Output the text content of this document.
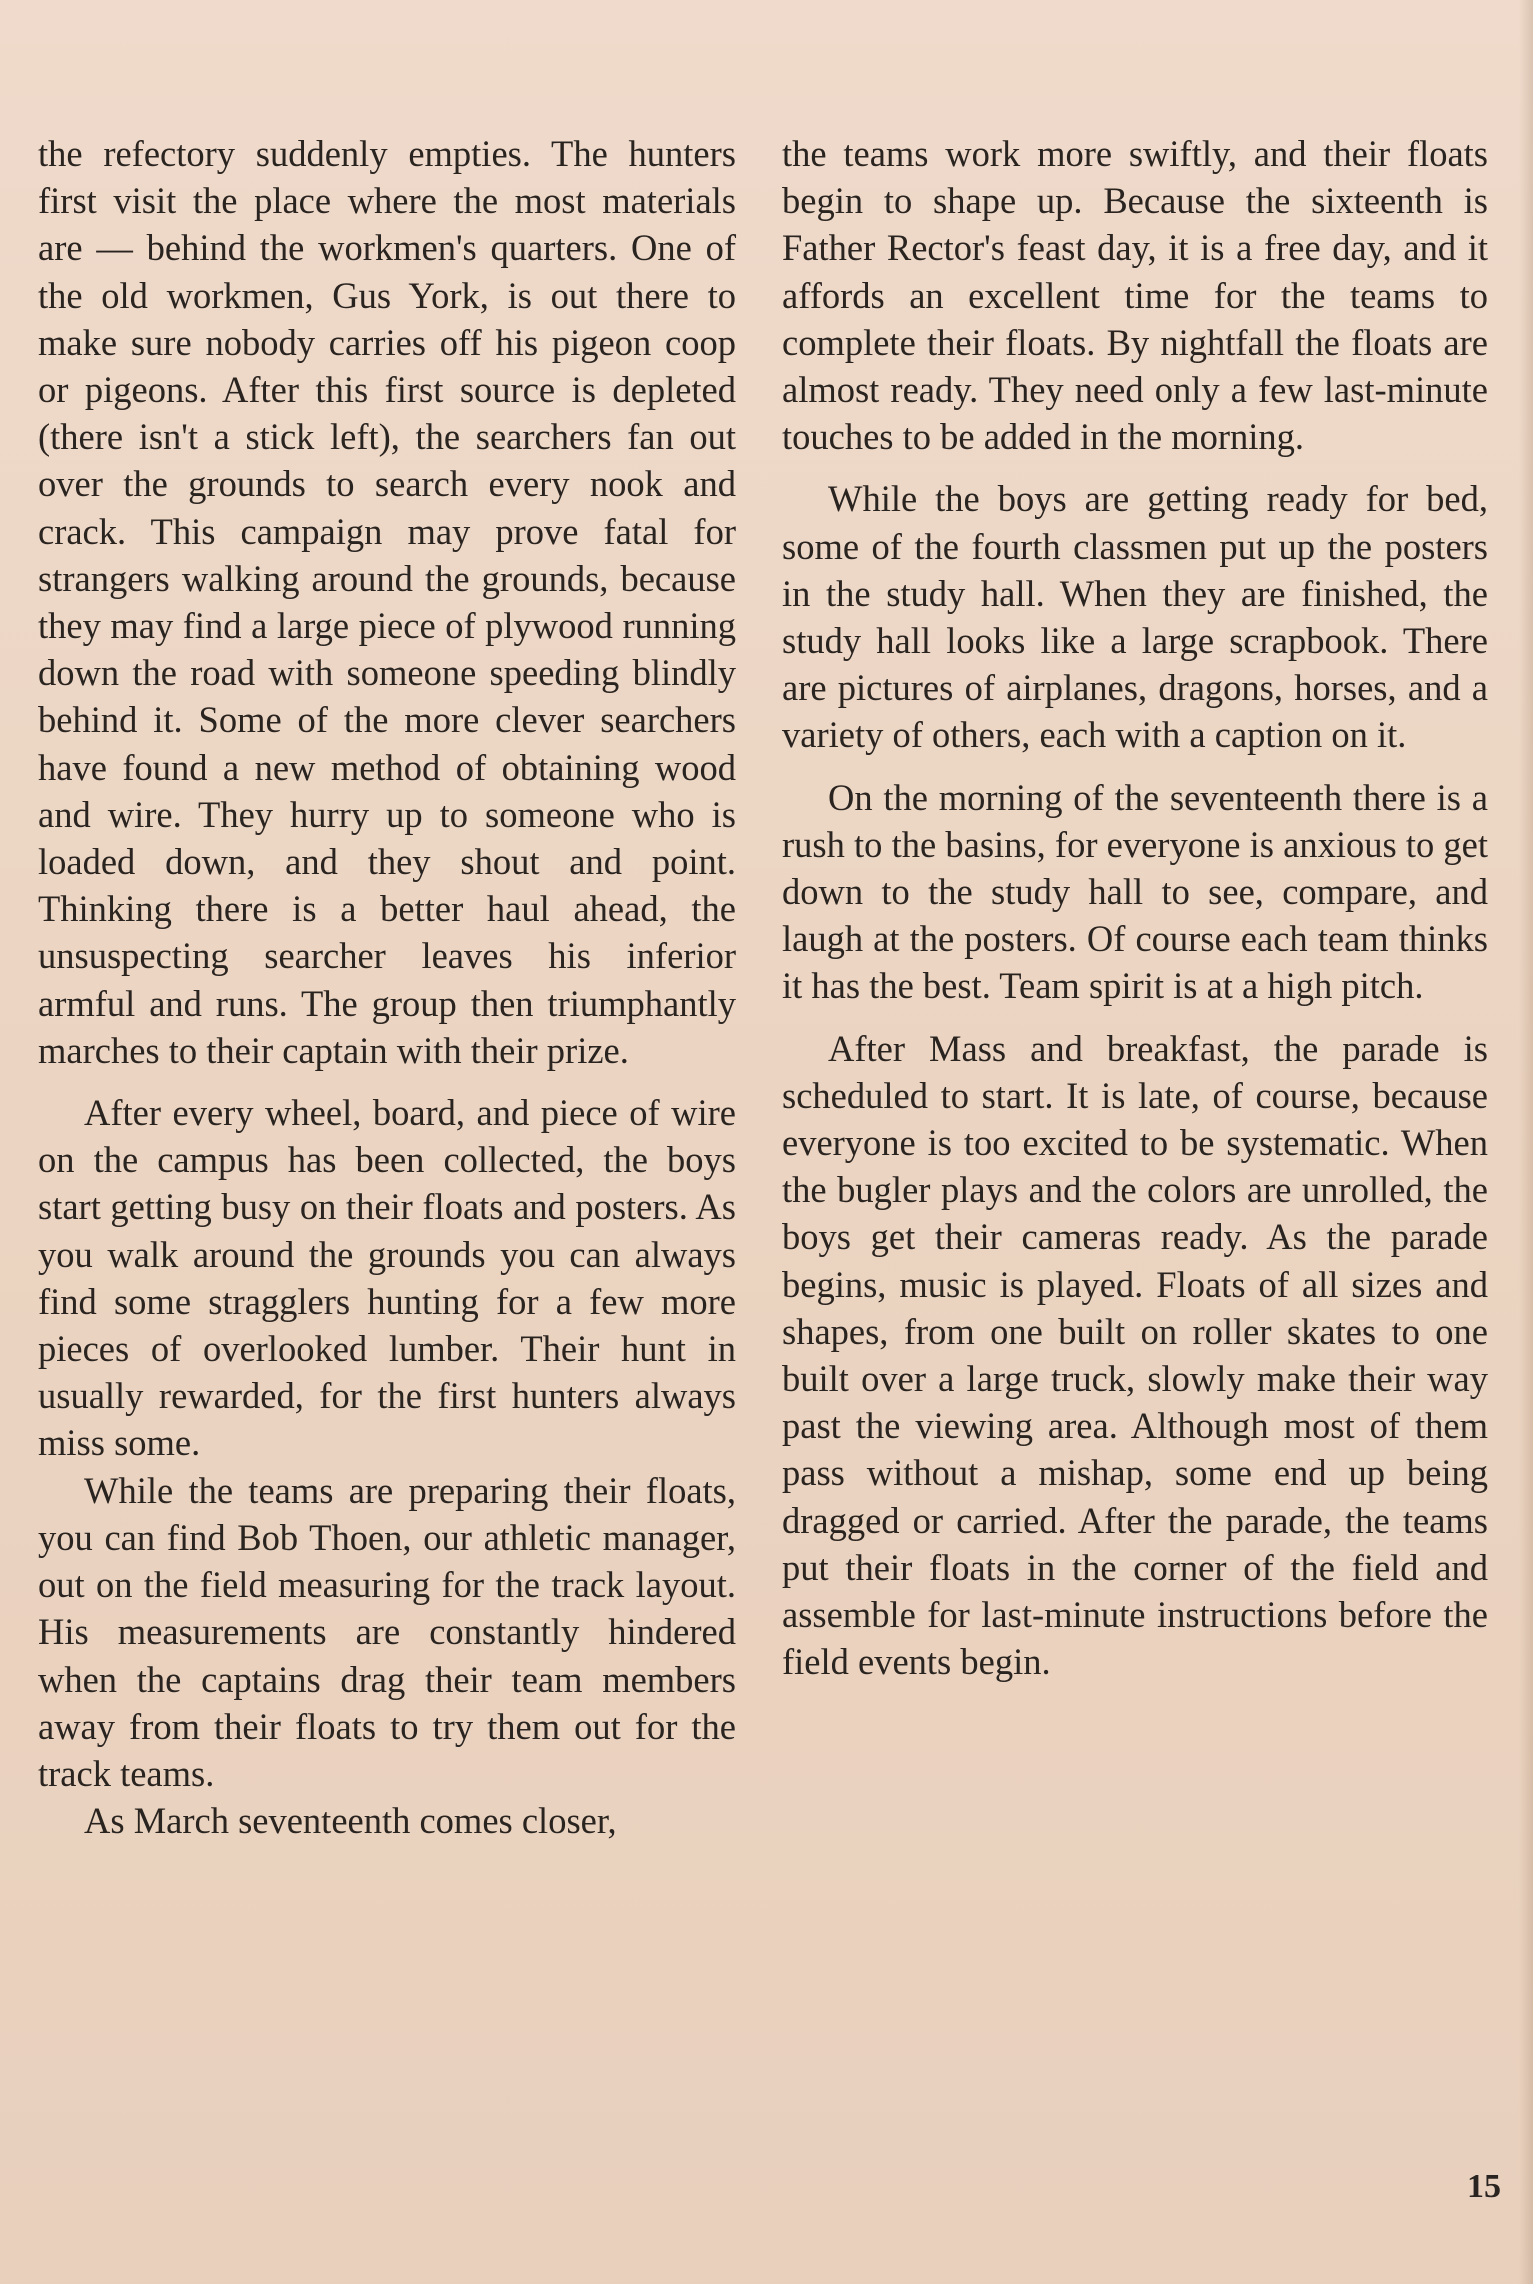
the refectory suddenly empties. The hunters first visit the place where the most materials are — behind the workmen's quarters. One of the old workmen, Gus York, is out there to make sure nobody carries off his pigeon coop or pigeons. After this first source is depleted (there isn't a stick left), the searchers fan out over the grounds to search every nook and crack. This campaign may prove fatal for strangers walking around the grounds, because they may find a large piece of plywood running down the road with someone speeding blindly behind it. Some of the more clever searchers have found a new method of obtaining wood and wire. They hurry up to someone who is loaded down, and they shout and point. Thinking there is a better haul ahead, the unsuspecting searcher leaves his inferior armful and runs. The group then triumphantly marches to their captain with their prize.

After every wheel, board, and piece of wire on the campus has been collected, the boys start getting busy on their floats and posters. As you walk around the grounds you can always find some stragglers hunting for a few more pieces of overlooked lumber. Their hunt in usually rewarded, for the first hunters always miss some.

While the teams are preparing their floats, you can find Bob Thoen, our athletic manager, out on the field measuring for the track layout. His measurements are constantly hindered when the captains drag their team members away from their floats to try them out for the track teams.

As March seventeenth comes closer,

the teams work more swiftly, and their floats begin to shape up. Because the sixteenth is Father Rector's feast day, it is a free day, and it affords an excellent time for the teams to complete their floats. By nightfall the floats are almost ready. They need only a few last-minute touches to be added in the morning.

While the boys are getting ready for bed, some of the fourth classmen put up the posters in the study hall. When they are finished, the study hall looks like a large scrapbook. There are pictures of airplanes, dragons, horses, and a variety of others, each with a caption on it.

On the morning of the seventeenth there is a rush to the basins, for everyone is anxious to get down to the study hall to see, compare, and laugh at the posters. Of course each team thinks it has the best. Team spirit is at a high pitch.

After Mass and breakfast, the parade is scheduled to start. It is late, of course, because everyone is too excited to be systematic. When the bugler plays and the colors are unrolled, the boys get their cameras ready. As the parade begins, music is played. Floats of all sizes and shapes, from one built on roller skates to one built over a large truck, slowly make their way past the viewing area. Although most of them pass without a mishap, some end up being dragged or carried. After the parade, the teams put their floats in the corner of the field and assemble for last-minute instructions before the field events begin.

15
